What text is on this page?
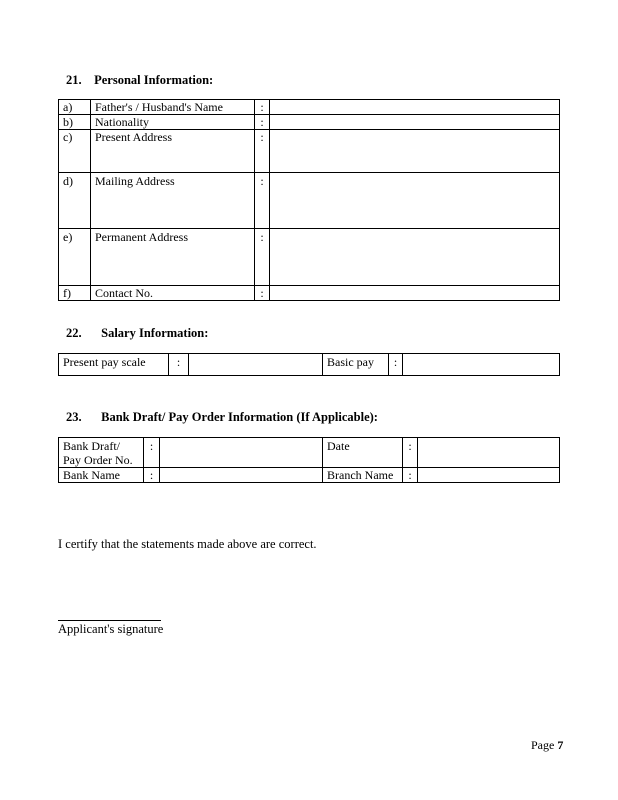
21. Personal Information:
a)	Father's / Husband's Name	:	
b)	Nationality	:	
c)	Present Address	:	
d)	Mailing Address	:	
e)	Permanent Address	:	
f)	Contact No.	:	
22. Salary Information:
Present pay scale	:		Basic pay	:	
23. Bank Draft/ Pay Order Information (If Applicable):
Bank Draft/
Pay Order No.	:		Date	:	
Bank Name	:		Branch Name	:	
I certify that the statements made above are correct.
Applicant's signature
Page 7
